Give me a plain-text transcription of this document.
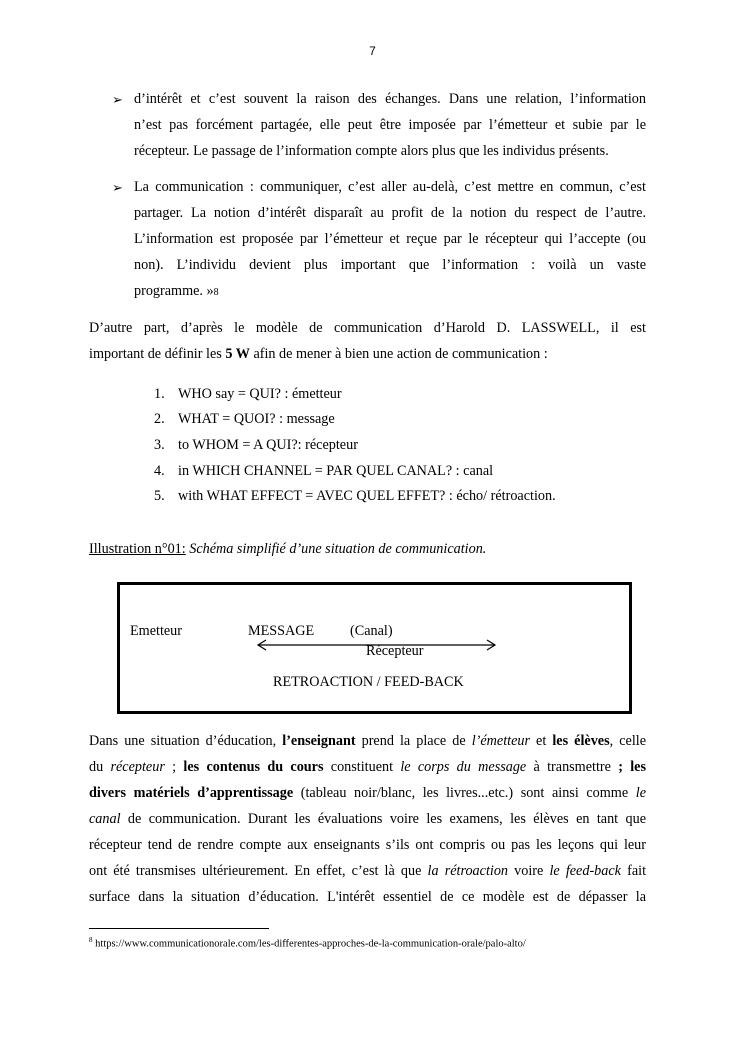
7
➢ d’intérêt et c’est souvent la raison des échanges. Dans une relation, l’information
n’est pas forcément partagée, elle peut être imposée par l’émetteur et subie par le
récepteur. Le passage de l’information compte alors plus que les individus présents.
➢ La communication : communiquer, c’est aller au-delà, c’est mettre en commun, c’est
partager. La notion d’intérêt disparaît au profit de la notion du respect de l’autre.
L’information est proposée par l’émetteur et reçue par le récepteur qui l’accepte (ou
non). L’individu devient plus important que l’information : voilà un vaste
programme. »8
D’autre part, d’après le modèle de communication d’Harold D. LASSWELL, il est
important de définir les 5 W afin de mener à bien une action de communication :
1. WHO say = QUI? : émetteur
2. WHAT = QUOI? : message
3. to WHOM = A QUI?: récepteur
4. in WHICH CHANNEL = PAR QUEL CANAL? : canal
5. with WHAT EFFECT = AVEC QUEL EFFET? : écho/ rétroaction.
Illustration n°01: Schéma simplifié d’une situation de communication.
Emetteur	MESSAGE	(Canal)
Récepteur
RETROACTION / FEED-BACK
Dans une situation d’éducation, l’enseignant prend la place de l’émetteur et les élèves, celle
du récepteur ; les contenus du cours constituent le corps du message à transmettre ; les
divers matériels d’apprentissage (tableau noir/blanc, les livres...etc.) sont ainsi comme le
canal de communication. Durant les évaluations voire les examens, les élèves en tant que
récepteur tend de rendre compte aux enseignants s’ils ont compris ou pas les leçons qui leur
ont été transmises ultérieurement. En effet, c’est là que la rétroaction voire le feed-back fait
surface dans la situation d’éducation. L'intérêt essentiel de ce modèle est de dépasser la
$^8$ https://www.communicationorale.com/les-differentes-approches-de-la-communication-orale/palo-alto/
